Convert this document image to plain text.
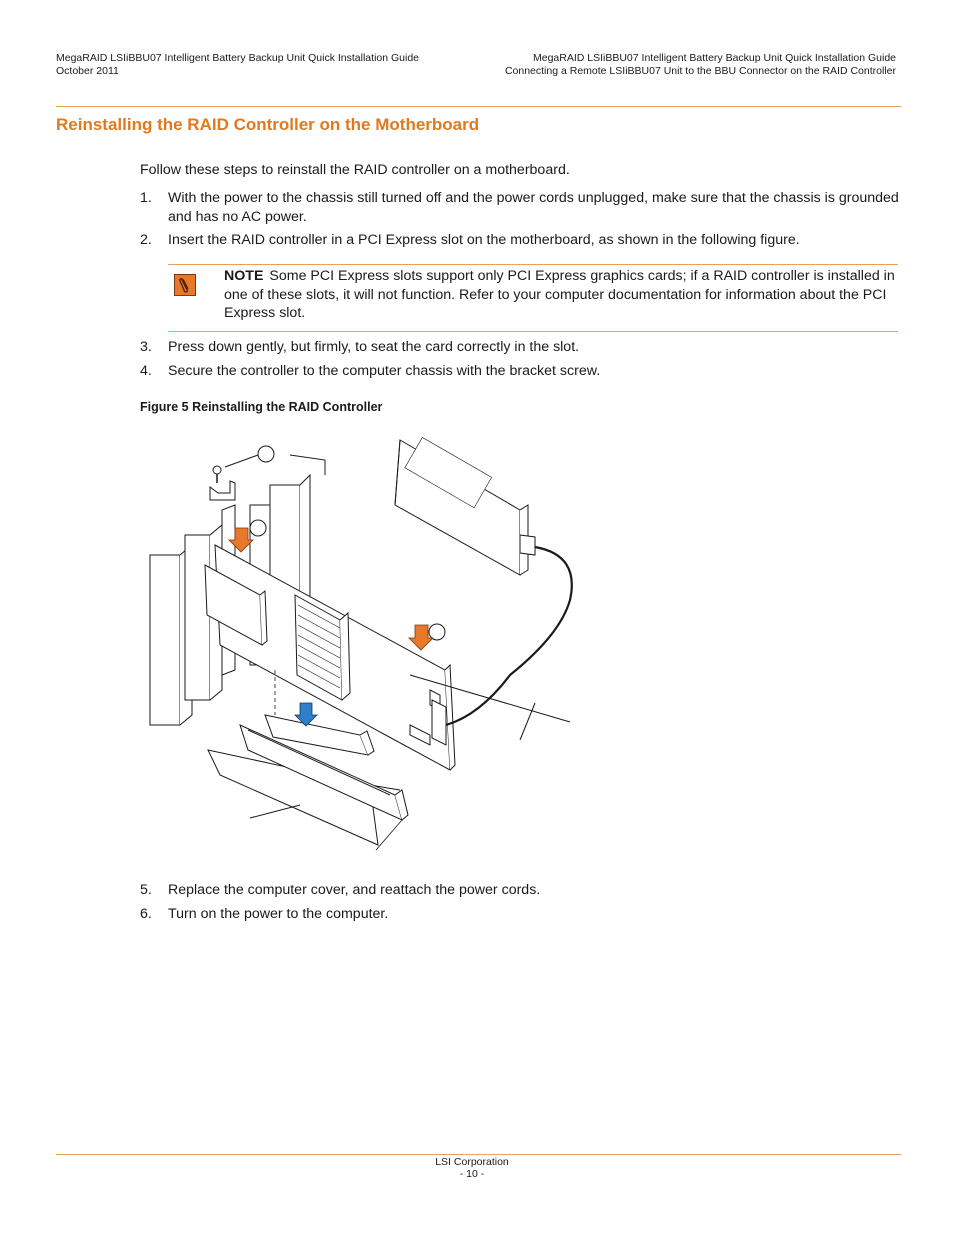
MegaRAID LSIiBBU07 Intelligent Battery Backup Unit Quick Installation Guide
October 2011
MegaRAID LSIiBBU07 Intelligent Battery Backup Unit Quick Installation Guide
Connecting a Remote LSIiBBU07 Unit to the BBU Connector on the RAID Controller
Reinstalling the RAID Controller on the Motherboard
Follow these steps to reinstall the RAID controller on a motherboard.
1.	With the power to the chassis still turned off and the power cords unplugged, make sure that the chassis is grounded and has no AC power.
2.	Insert the RAID controller in a PCI Express slot on the motherboard, as shown in the following figure.
NOTE Some PCI Express slots support only PCI Express graphics cards; if a RAID controller is installed in one of these slots, it will not function. Refer to your computer documentation for information about the PCI Express slot.
3.	Press down gently, but firmly, to seat the card correctly in the slot.
4.	Secure the controller to the computer chassis with the bracket screw.
Figure 5 Reinstalling the RAID Controller
5.	Replace the computer cover, and reattach the power cords.
6.	Turn on the power to the computer.
LSI Corporation
- 10 -
